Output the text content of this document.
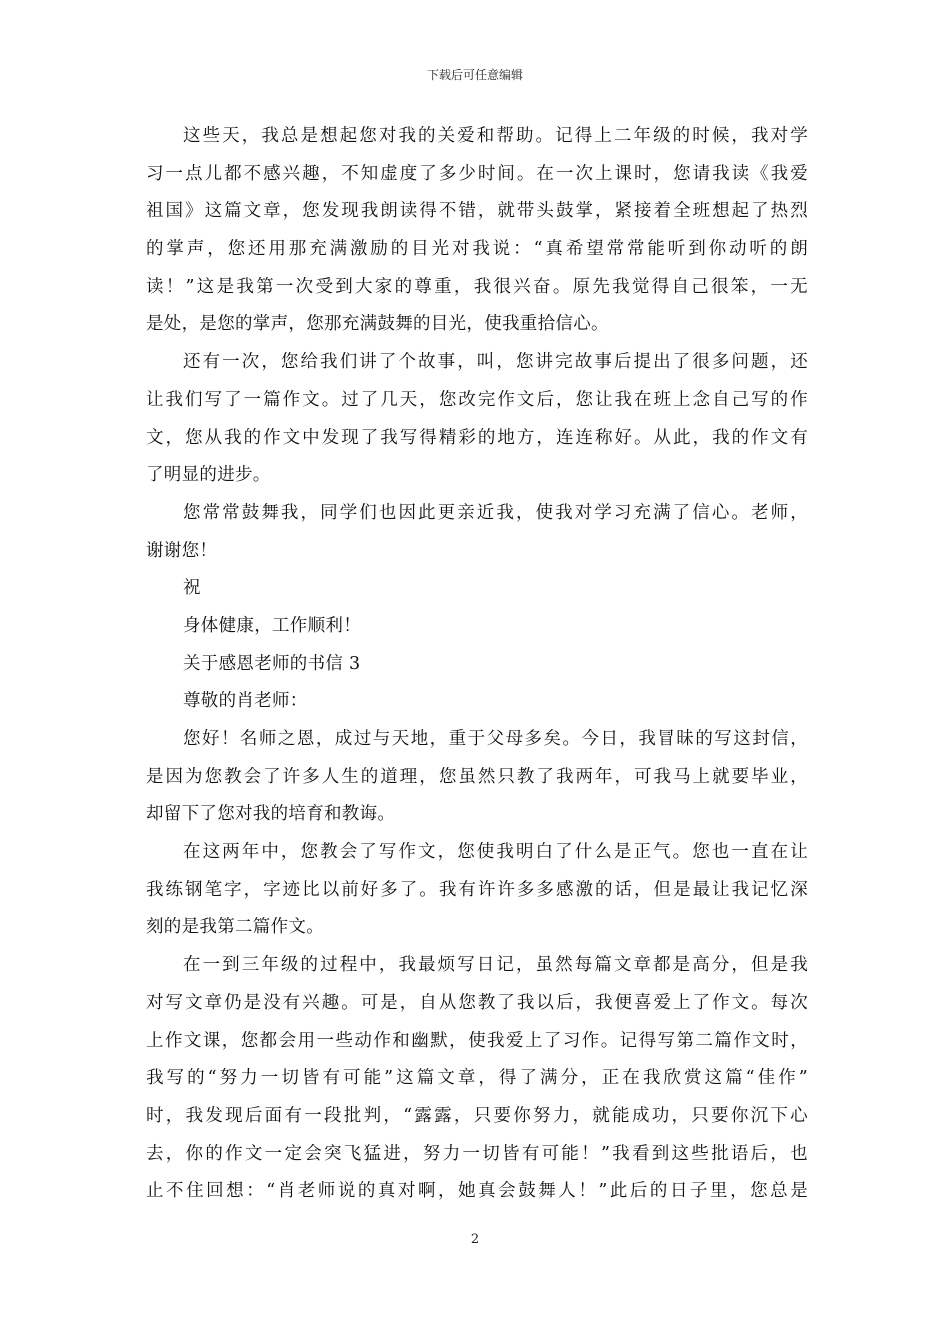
下载后可任意编辑
这些天，我总是想起您对我的关爱和帮助。记得上二年级的时候，我对学
习一点儿都不感兴趣，不知虚度了多少时间。在一次上课时，您请我读《我爱
祖国》这篇文章，您发现我朗读得不错，就带头鼓掌，紧接着全班想起了热烈
的掌声，您还用那充满激励的目光对我说：“真希望常常能听到你动听的朗
读！”这是我第一次受到大家的尊重，我很兴奋。原先我觉得自己很笨，一无
是处，是您的掌声，您那充满鼓舞的目光，使我重拾信心。
还有一次，您给我们讲了个故事，叫，您讲完故事后提出了很多问题，还
让我们写了一篇作文。过了几天，您改完作文后，您让我在班上念自己写的作
文，您从我的作文中发现了我写得精彩的地方，连连称好。从此，我的作文有
了明显的进步。
您常常鼓舞我，同学们也因此更亲近我，使我对学习充满了信心。老师，
谢谢您！
祝
身体健康，工作顺利！
关于感恩老师的书信 3
尊敬的肖老师：
您好！名师之恩，成过与天地，重于父母多矣。今日，我冒昧的写这封信，
是因为您教会了许多人生的道理，您虽然只教了我两年，可我马上就要毕业，
却留下了您对我的培育和教诲。
在这两年中，您教会了写作文，您使我明白了什么是正气。您也一直在让
我练钢笔字，字迹比以前好多了。我有许许多多感激的话，但是最让我记忆深
刻的是我第二篇作文。
在一到三年级的过程中，我最烦写日记，虽然每篇文章都是高分，但是我
对写文章仍是没有兴趣。可是，自从您教了我以后，我便喜爱上了作文。每次
上作文课，您都会用一些动作和幽默，使我爱上了习作。记得写第二篇作文时，
我写的“努力一切皆有可能”这篇文章，得了满分，正在我欣赏这篇“佳作”
时，我发现后面有一段批判，“露露，只要你努力，就能成功，只要你沉下心
去，你的作文一定会突飞猛进，努力一切皆有可能！”我看到这些批语后，也
止不住回想：“肖老师说的真对啊，她真会鼓舞人！”此后的日子里，您总是
2
